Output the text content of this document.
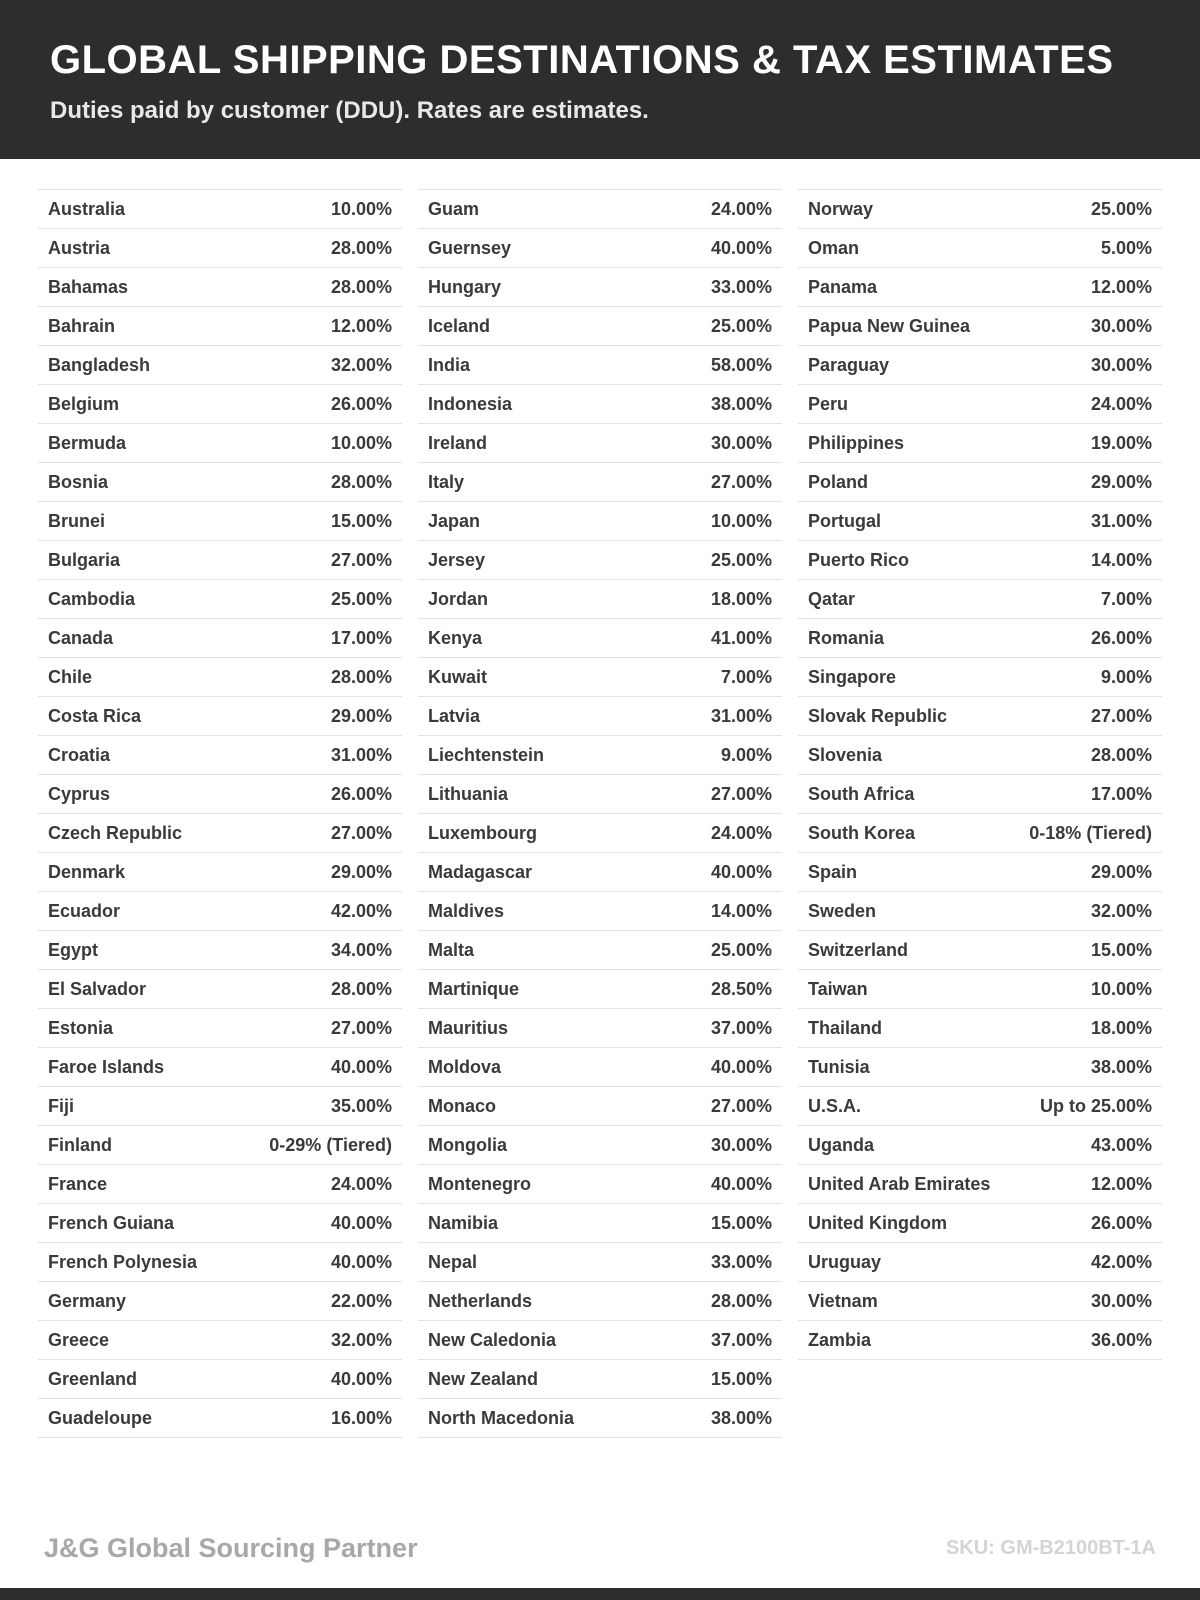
GLOBAL SHIPPING DESTINATIONS & TAX ESTIMATES
Duties paid by customer (DDU). Rates are estimates.
Australia	10.00%
Austria	28.00%
Bahamas	28.00%
Bahrain	12.00%
Bangladesh	32.00%
Belgium	26.00%
Bermuda	10.00%
Bosnia	28.00%
Brunei	15.00%
Bulgaria	27.00%
Cambodia	25.00%
Canada	17.00%
Chile	28.00%
Costa Rica	29.00%
Croatia	31.00%
Cyprus	26.00%
Czech Republic	27.00%
Denmark	29.00%
Ecuador	42.00%
Egypt	34.00%
El Salvador	28.00%
Estonia	27.00%
Faroe Islands	40.00%
Fiji	35.00%
Finland	0-29% (Tiered)
France	24.00%
French Guiana	40.00%
French Polynesia	40.00%
Germany	22.00%
Greece	32.00%
Greenland	40.00%
Guadeloupe	16.00%
Guam	24.00%
Guernsey	40.00%
Hungary	33.00%
Iceland	25.00%
India	58.00%
Indonesia	38.00%
Ireland	30.00%
Italy	27.00%
Japan	10.00%
Jersey	25.00%
Jordan	18.00%
Kenya	41.00%
Kuwait	7.00%
Latvia	31.00%
Liechtenstein	9.00%
Lithuania	27.00%
Luxembourg	24.00%
Madagascar	40.00%
Maldives	14.00%
Malta	25.00%
Martinique	28.50%
Mauritius	37.00%
Moldova	40.00%
Monaco	27.00%
Mongolia	30.00%
Montenegro	40.00%
Namibia	15.00%
Nepal	33.00%
Netherlands	28.00%
New Caledonia	37.00%
New Zealand	15.00%
North Macedonia	38.00%
Norway	25.00%
Oman	5.00%
Panama	12.00%
Papua New Guinea	30.00%
Paraguay	30.00%
Peru	24.00%
Philippines	19.00%
Poland	29.00%
Portugal	31.00%
Puerto Rico	14.00%
Qatar	7.00%
Romania	26.00%
Singapore	9.00%
Slovak Republic	27.00%
Slovenia	28.00%
South Africa	17.00%
South Korea	0-18% (Tiered)
Spain	29.00%
Sweden	32.00%
Switzerland	15.00%
Taiwan	10.00%
Thailand	18.00%
Tunisia	38.00%
U.S.A.	Up to 25.00%
Uganda	43.00%
United Arab Emirates	12.00%
United Kingdom	26.00%
Uruguay	42.00%
Vietnam	30.00%
Zambia	36.00%
J&G Global Sourcing Partner	SKU: GM-B2100BT-1A
